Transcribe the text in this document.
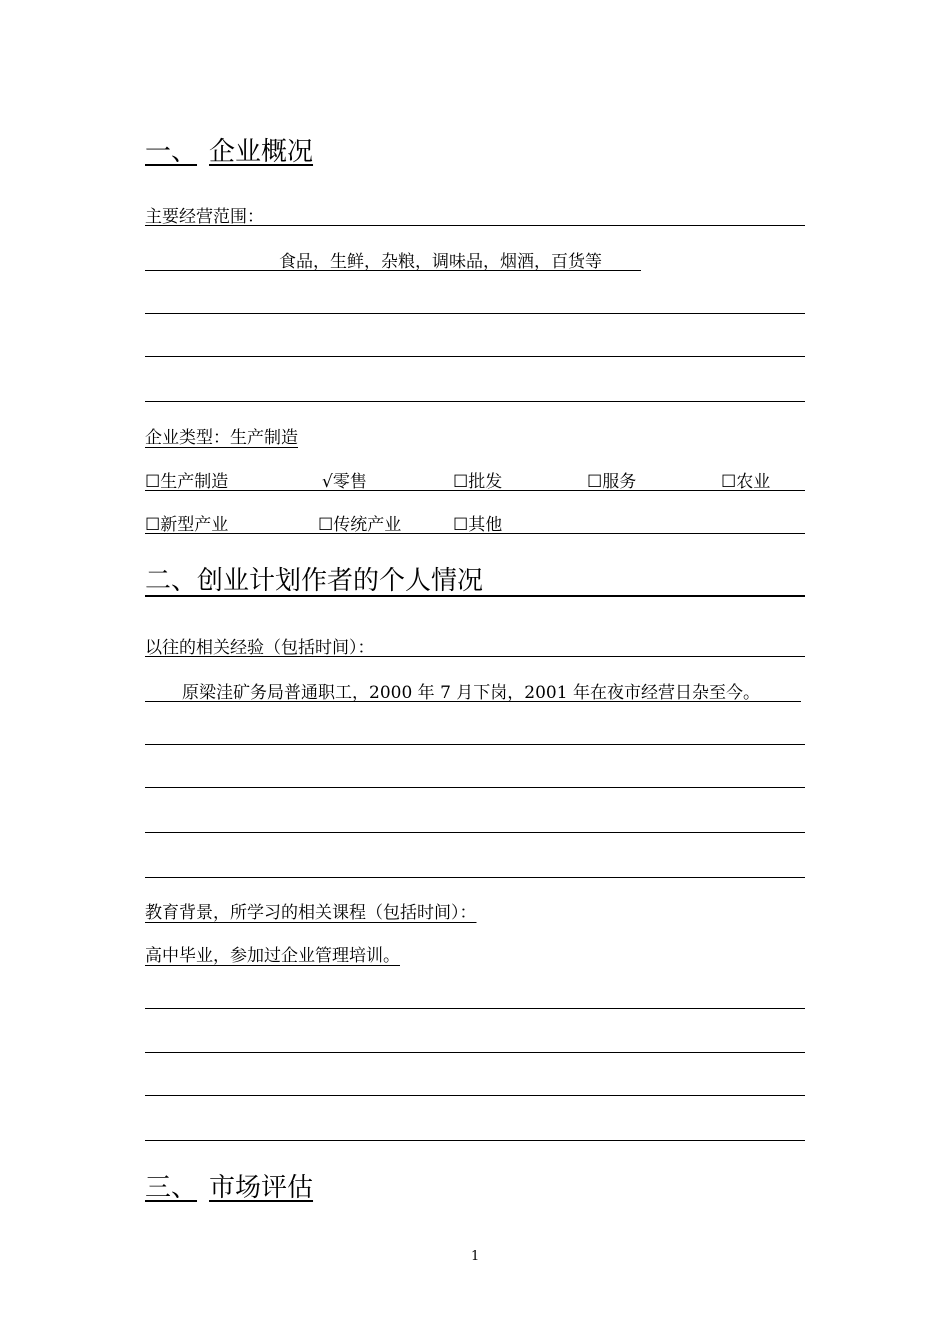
一、 企业概况
主要经营范围：
食品，生鲜，杂粮，调味品，烟酒，百货等
企业类型：生产制造
☐生产制造	√零售	☐批发	☐服务	☐农业
☐新型产业	☐传统产业	☐其他
二、创业计划作者的个人情况
以往的相关经验（包括时间）：
原梁洼矿务局普通职工，2000 年 7 月下岗，2001 年在夜市经营日杂至今。
教育背景，所学习的相关课程（包括时间）：
高中毕业，参加过企业管理培训。
三、 市场评估
1
